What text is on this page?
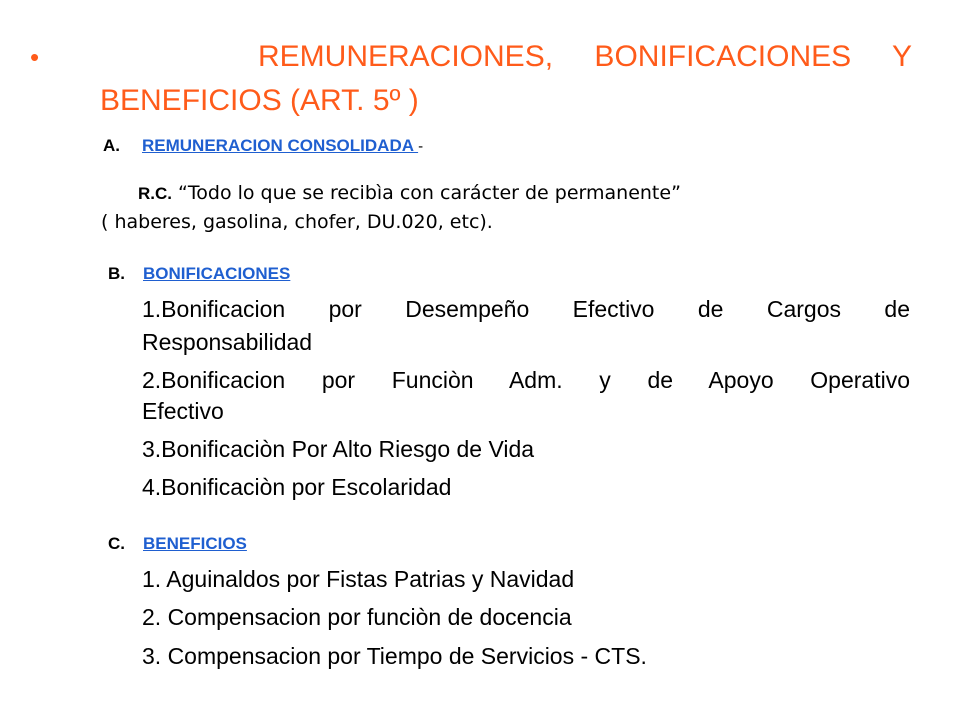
•	REMUNERACIONES, BONIFICACIONES Y
BENEFICIOS (ART. 5º )
A. REMUNERACION CONSOLIDADA -
R.C. “Todo lo que se recibìa con carácter de permanente”
( haberes, gasolina, chofer, DU.020, etc).
B. BONIFICACIONES
1.Bonificacion por Desempeño Efectivo de Cargos de
Responsabilidad
2.Bonificacion por Funciòn Adm. y de Apoyo Operativo
Efectivo
3.Bonificaciòn Por Alto Riesgo de Vida
4.Bonificaciòn por Escolaridad
C. BENEFICIOS
1. Aguinaldos por Fistas Patrias y Navidad
2. Compensacion por funciòn de docencia
3. Compensacion por Tiempo de Servicios - CTS.
